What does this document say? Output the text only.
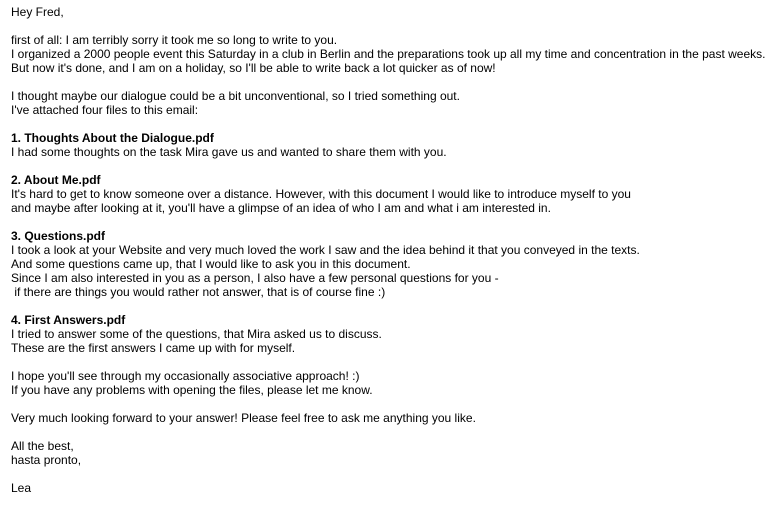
Hey Fred,
first of all: I am terribly sorry it took me so long to write to you.
I organized a 2000 people event this Saturday in a club in Berlin and the preparations took up all my time and concentration in the past weeks.
But now it's done, and I am on a holiday, so I'll be able to write back a lot quicker as of now!
I thought maybe our dialogue could be a bit unconventional, so I tried something out.
I've attached four files to this email:
1. Thoughts About the Dialogue.pdf
I had some thoughts on the task Mira gave us and wanted to share them with you.
2. About Me.pdf
It's hard to get to know someone over a distance. However, with this document I would like to introduce myself to you
and maybe after looking at it, you'll have a glimpse of an idea of who I am and what i am interested in.
3. Questions.pdf
I took a look at your Website and very much loved the work I saw and the idea behind it that you conveyed in the texts.
And some questions came up, that I would like to ask you in this document.
Since I am also interested in you as a person, I also have a few personal questions for you -
if there are things you would rather not answer, that is of course fine :)
4. First Answers.pdf
I tried to answer some of the questions, that Mira asked us to discuss.
These are the first answers I came up with for myself.
I hope you'll see through my occasionally associative approach! :)
If you have any problems with opening the files, please let me know.
Very much looking forward to your answer! Please feel free to ask me anything you like.
All the best,
hasta pronto,
Lea
